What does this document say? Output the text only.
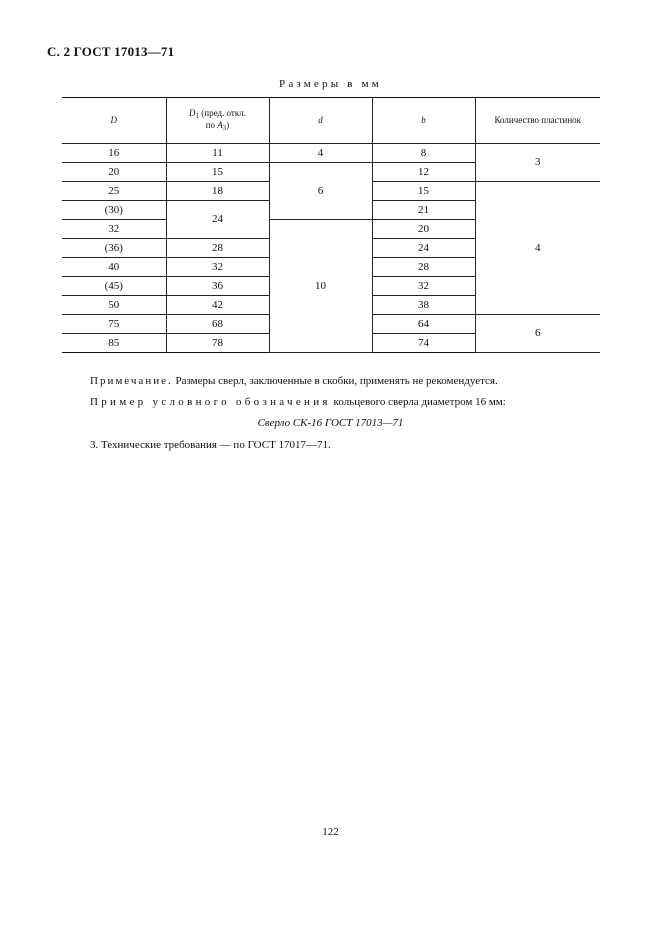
С. 2 ГОСТ 17013—71
Размеры в мм
D	$D_1$ (пред. откл.
по $A_3$)	d	b	Количество пластинок
16	11	4	8	3
20	15	6	12	
25	18		15	4
(30)	24		21	
32		10	20	
(36)	28		24	
40	32		28	
(45)	36		32	
50	42		38	
75	68		64	6
85	78		74	
Примечание. Размеры сверл, заключенные в скобки, применять не рекомендуется.
Пример условного обозначения кольцевого сверла диаметром 16 мм:
Сверло СК-16 ГОСТ 17013—71
3. Технические требования — по ГОСТ 17017—71.
122
